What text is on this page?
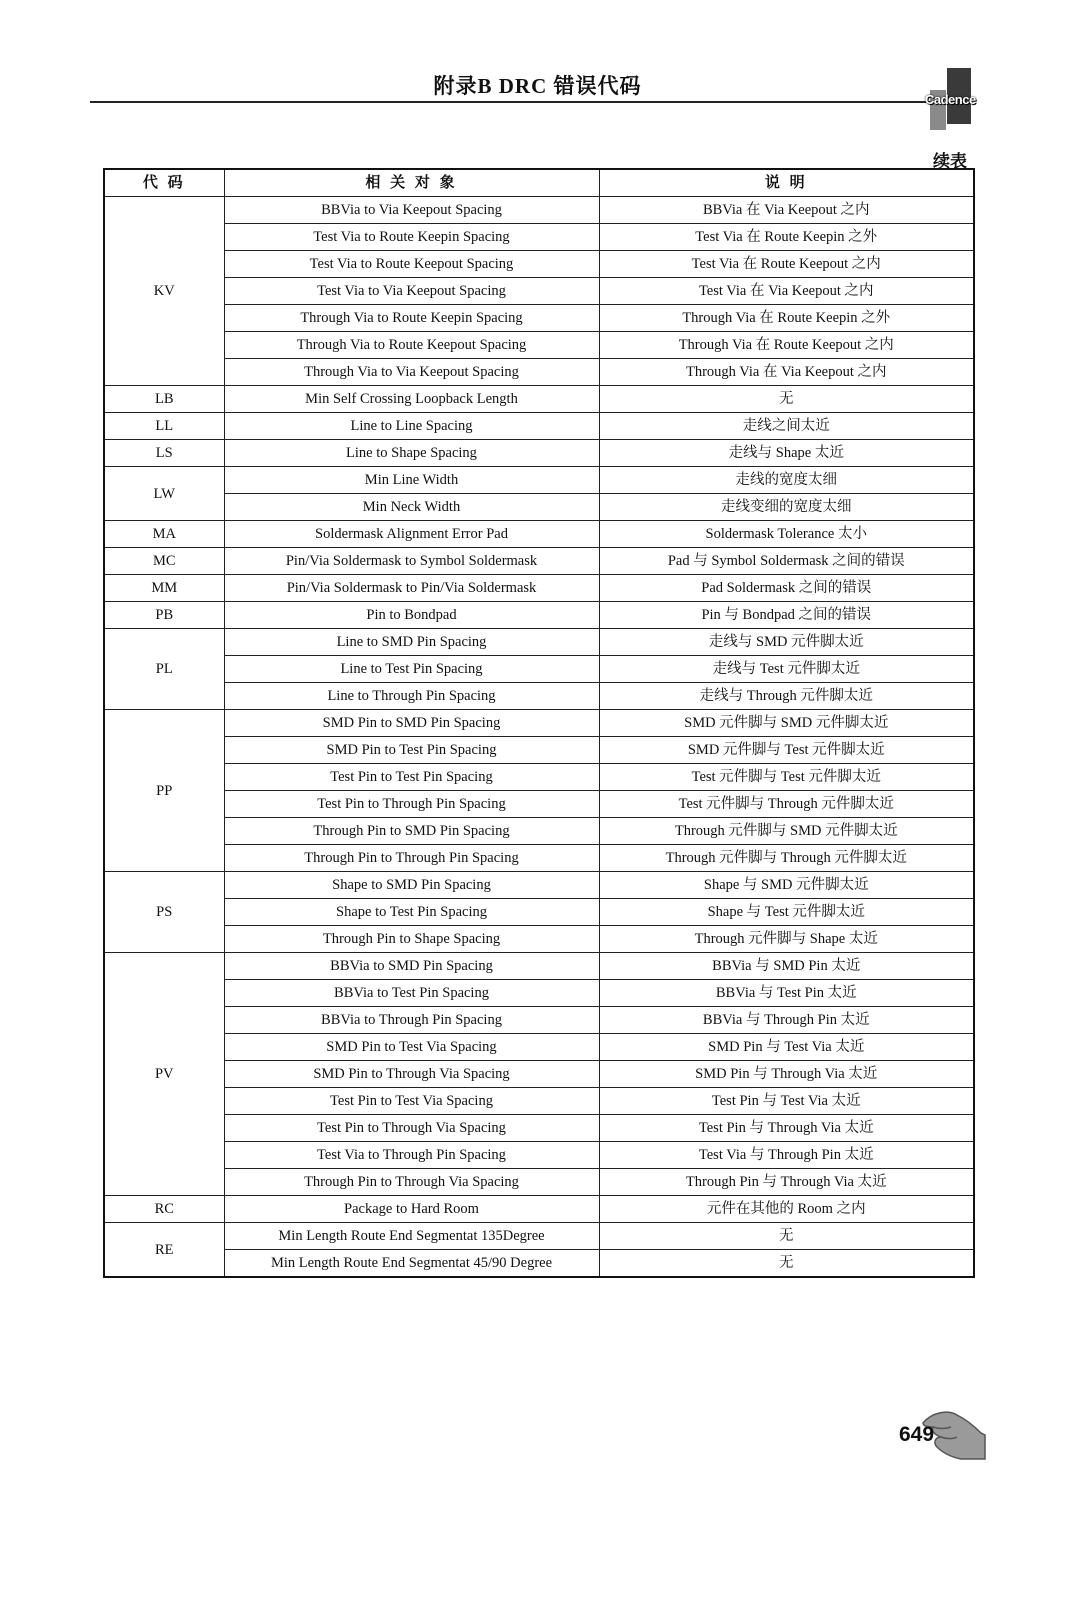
附录B DRC 错误代码
Cadence
续表
代 码	相 关 对 象	说 明
KV	BBVia to Via Keepout Spacing	BBVia 在 Via Keepout 之内
	Test Via to Route Keepin Spacing	Test Via 在 Route Keepin 之外
	Test Via to Route Keepout Spacing	Test Via 在 Route Keepout 之内
	Test Via to Via Keepout Spacing	Test Via 在 Via Keepout 之内
	Through Via to Route Keepin Spacing	Through Via 在 Route Keepin 之外
	Through Via to Route Keepout Spacing	Through Via 在 Route Keepout 之内
	Through Via to Via Keepout Spacing	Through Via 在 Via Keepout 之内
LB	Min Self Crossing Loopback Length	无
LL	Line to Line Spacing	走线之间太近
LS	Line to Shape Spacing	走线与 Shape 太近
LW	Min Line Width	走线的宽度太细
	Min Neck Width	走线变细的宽度太细
MA	Soldermask Alignment Error Pad	Soldermask Tolerance 太小
MC	Pin/Via Soldermask to Symbol Soldermask	Pad 与 Symbol Soldermask 之间的错误
MM	Pin/Via Soldermask to Pin/Via Soldermask	Pad Soldermask 之间的错误
PB	Pin to Bondpad	Pin 与 Bondpad 之间的错误
PL	Line to SMD Pin Spacing	走线与 SMD 元件脚太近
	Line to Test Pin Spacing	走线与 Test 元件脚太近
	Line to Through Pin Spacing	走线与 Through 元件脚太近
PP	SMD Pin to SMD Pin Spacing	SMD 元件脚与 SMD 元件脚太近
	SMD Pin to Test Pin Spacing	SMD 元件脚与 Test 元件脚太近
	Test Pin to Test Pin Spacing	Test 元件脚与 Test 元件脚太近
	Test Pin to Through Pin Spacing	Test 元件脚与 Through 元件脚太近
	Through Pin to SMD Pin Spacing	Through 元件脚与 SMD 元件脚太近
	Through Pin to Through Pin Spacing	Through 元件脚与 Through 元件脚太近
PS	Shape to SMD Pin Spacing	Shape 与 SMD 元件脚太近
	Shape to Test Pin Spacing	Shape 与 Test 元件脚太近
	Through Pin to Shape Spacing	Through 元件脚与 Shape 太近
PV	BBVia to SMD Pin Spacing	BBVia 与 SMD Pin 太近
	BBVia to Test Pin Spacing	BBVia 与 Test Pin 太近
	BBVia to Through Pin Spacing	BBVia 与 Through Pin 太近
	SMD Pin to Test Via Spacing	SMD Pin 与 Test Via 太近
	SMD Pin to Through Via Spacing	SMD Pin 与 Through Via 太近
	Test Pin to Test Via Spacing	Test Pin 与 Test Via 太近
	Test Pin to Through Via Spacing	Test Pin 与 Through Via 太近
	Test Via to Through Pin Spacing	Test Via 与 Through Pin 太近
	Through Pin to Through Via Spacing	Through Pin 与 Through Via 太近
RC	Package to Hard Room	元件在其他的 Room 之内
RE	Min Length Route End Segmentat 135Degree	无
	Min Length Route End Segmentat 45/90 Degree	无
649
